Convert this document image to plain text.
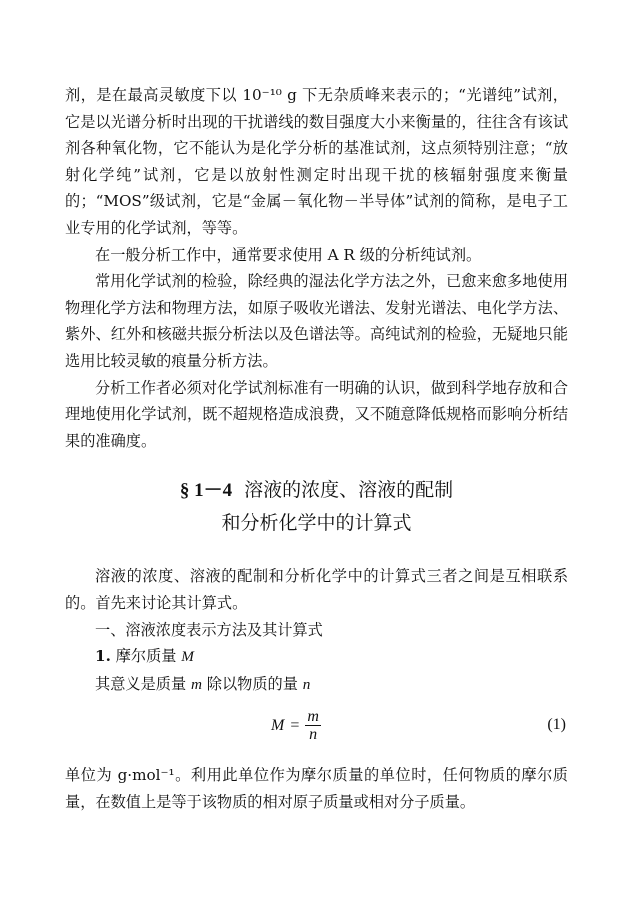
剂，是在最高灵敏度下以 10⁻¹⁰ g 下无杂质峰来表示的；“光谱纯”试剂，它是以光谱分析时出现的干扰谱线的数目强度大小来衡量的，往往含有该试剂各种氧化物，它不能认为是化学分析的基准试剂，这点须特别注意；“放射化学纯”试剂，它是以放射性测定时出现干扰的核辐射强度来衡量的；“MOS”级试剂，它是“金属－氧化物－半导体”试剂的简称，是电子工业专用的化学试剂，等等。

在一般分析工作中，通常要求使用 A R 级的分析纯试剂。

常用化学试剂的检验，除经典的湿法化学方法之外，已愈来愈多地使用物理化学方法和物理方法，如原子吸收光谱法、发射光谱法、电化学方法、紫外、红外和核磁共振分析法以及色谱法等。高纯试剂的检验，无疑地只能选用比较灵敏的痕量分析方法。

分析工作者必须对化学试剂标准有一明确的认识，做到科学地存放和合理地使用化学试剂，既不超规格造成浪费，又不随意降低规格而影响分析结果的准确度。

§ 1－4 溶液的浓度、溶液的配制
和分析化学中的计算式

溶液的浓度、溶液的配制和分析化学中的计算式三者之间是互相联系的。首先来讨论其计算式。

一、溶液浓度表示方法及其计算式

1. 摩尔质量 M

其意义是质量 m 除以物质的量 n

$M = \frac{m}{n}$	(1)

单位为 g·mol⁻¹。利用此单位作为摩尔质量的单位时，任何物质的摩尔质量，在数值上是等于该物质的相对原子质量或相对分子质量。
